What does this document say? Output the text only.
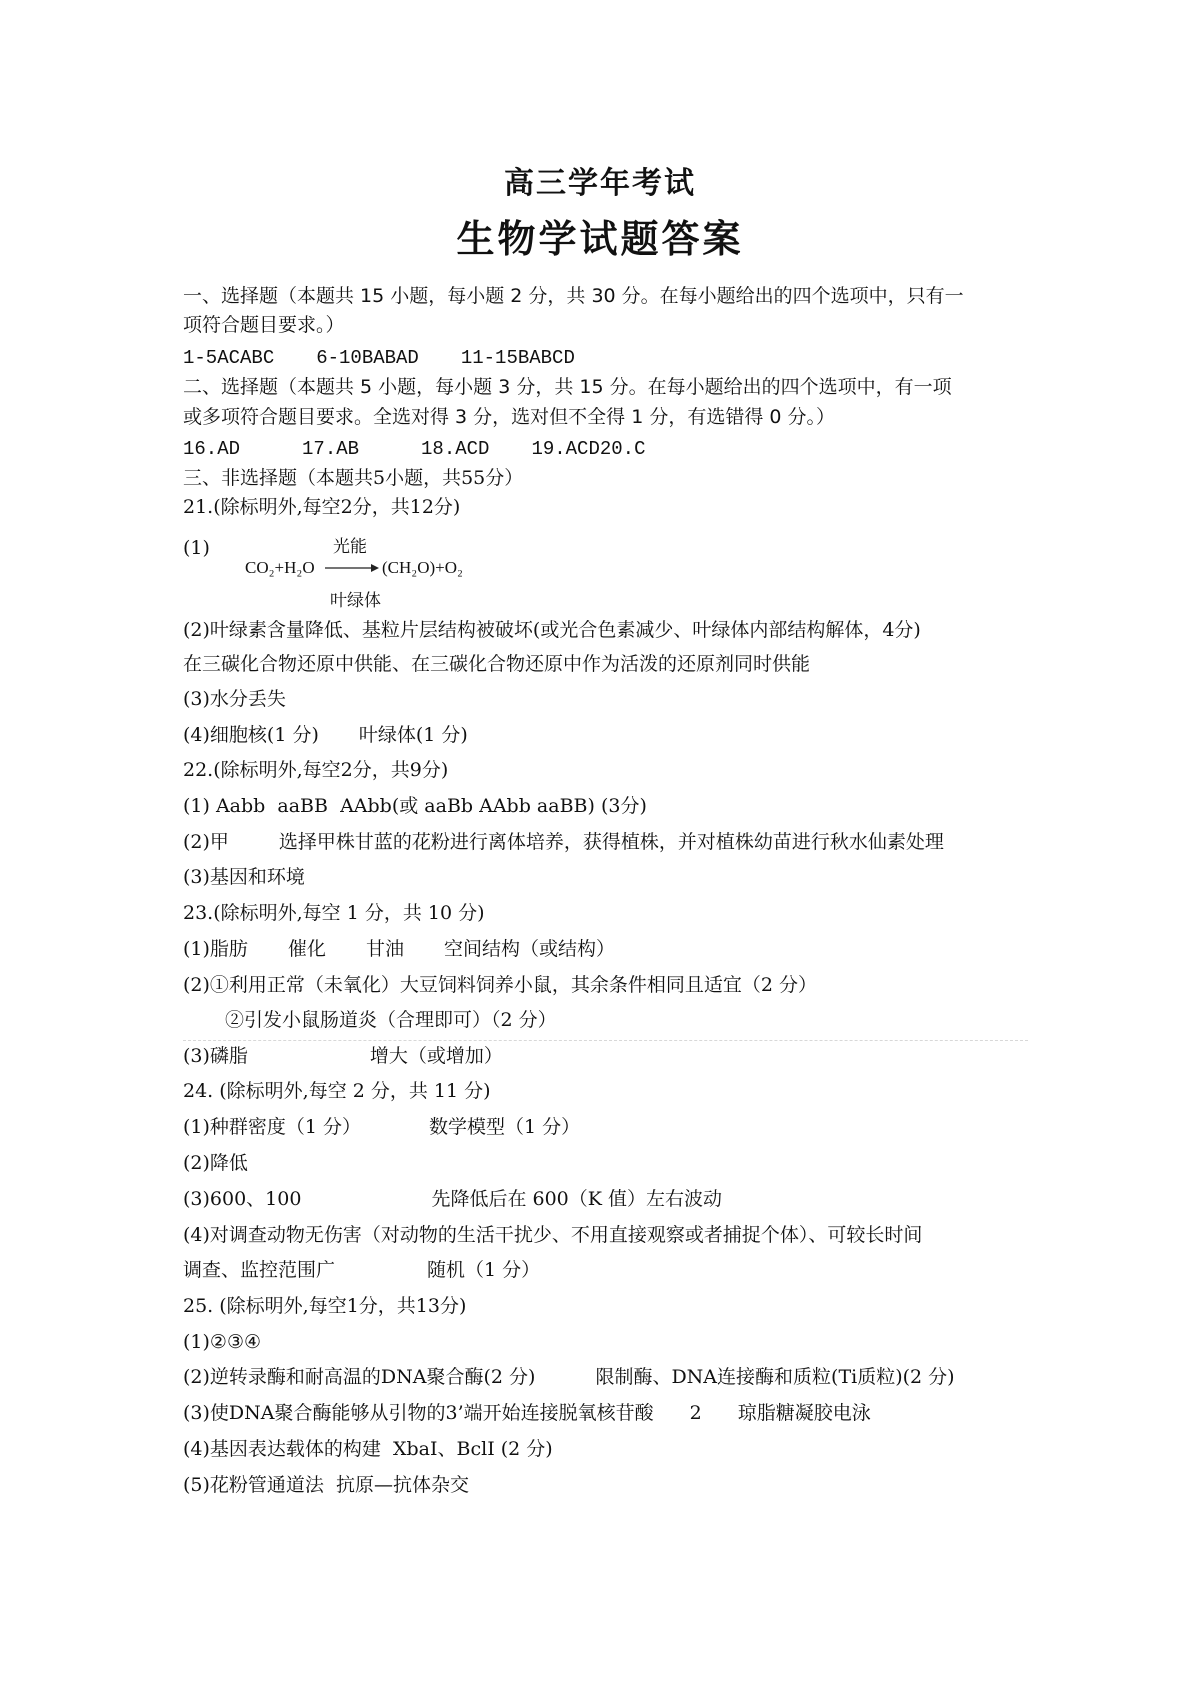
高三学年考试
生物学试题答案
一、选择题（本题共 15 小题，每小题 2 分，共 30 分。在每小题给出的四个选项中，只有一
项符合题目要求。）
1-5ACABC 6-10BABAD 11-15BABCD
二、选择题（本题共 5 小题，每小题 3 分，共 15 分。在每小题给出的四个选项中，有一项
或多项符合题目要求。全选对得 3 分，选对但不全得 1 分，有选错得 0 分。）
16.AD	17.AB	18.ACD 19.ACD20.C
三、非选择题（本题共5小题，共55分）
21.(除标明外,每空2分，共12分)
(1)	光能
CO₂+H₂O → (CH₂O)+O₂
叶绿体
(2)叶绿素含量降低、基粒片层结构被破坏(或光合色素减少、叶绿体内部结构解体，4分)
在三碳化合物还原中供能、在三碳化合物还原中作为活泼的还原剂同时供能
(3)水分丢失
(4)细胞核(1 分) 叶绿体(1 分)
22.(除标明外,每空2分，共9分)
(1) Aabb  aaBB  AAbb(或 aaBb AAbb aaBB) (3分)
(2)甲	选择甲株甘蓝的花粉进行离体培养，获得植株，并对植株幼苗进行秋水仙素处理
(3)基因和环境
23.(除标明外,每空 1 分，共 10 分)
(1)脂肪 催化 甘油 空间结构（或结构）
(2)①利用正常（未氧化）大豆饲料饲养小鼠，其余条件相同且适宜（2 分）
②引发小鼠肠道炎（合理即可）（2 分）
(3)磷脂	增大（或增加）
24. (除标明外,每空 2 分，共 11 分)
(1)种群密度（1 分）	数学模型（1 分）
(2)降低
(3)600、100	先降低后在 600（K 值）左右波动
(4)对调查动物无伤害（对动物的生活干扰少、不用直接观察或者捕捉个体）、可较长时间
调查、监控范围广	随机（1 分）
25. (除标明外,每空1分，共13分)
(1)②③④
(2)逆转录酶和耐高温的DNA聚合酶(2 分)	限制酶、DNA连接酶和质粒(Ti质粒)(2 分)
(3)使DNA聚合酶能够从引物的3’端开始连接脱氧核苷酸 2 琼脂糖凝胶电泳
(4)基因表达载体的构建  XbaI、BclI (2 分)
(5)花粉管通道法  抗原—抗体杂交
